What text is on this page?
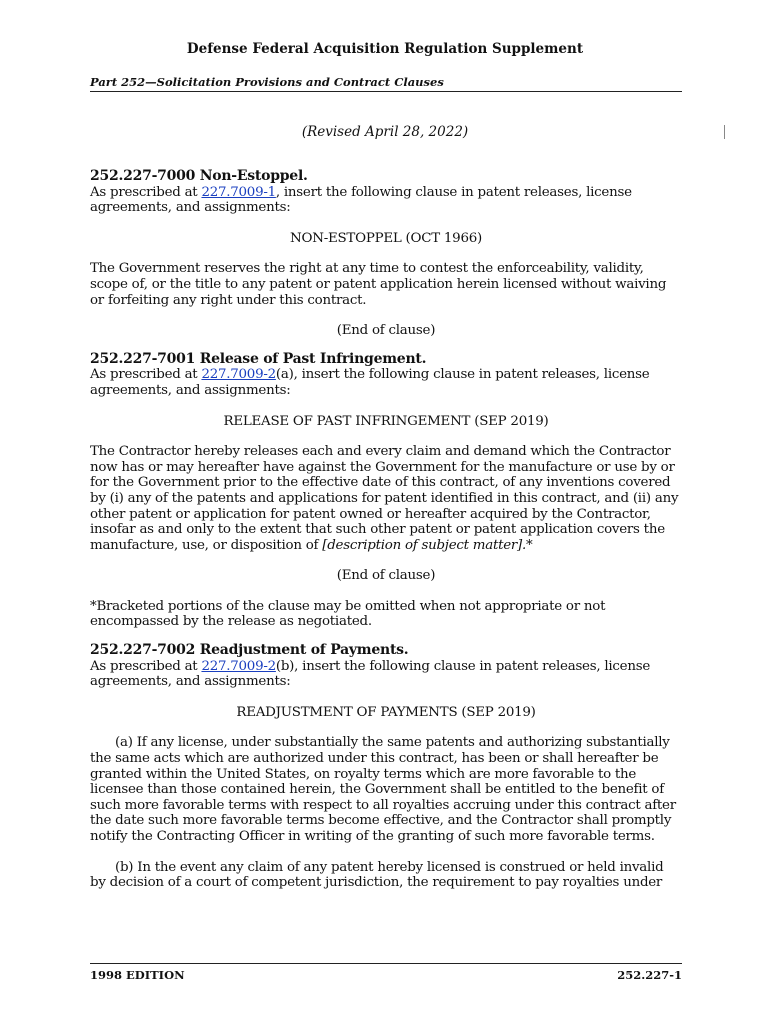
Defense Federal Acquisition Regulation Supplement
Part 252—Solicitation Provisions and Contract Clauses
(Revised April 28, 2022)

252.227-7000 Non-Estoppel.

As prescribed at 227.7009-1, insert the following clause in patent releases, license agreements, and assignments:

NON-ESTOPPEL (OCT 1966)

The Government reserves the right at any time to contest the enforceability, validity, scope of, or the title to any patent or patent application herein licensed without waiving or forfeiting any right under this contract.

(End of clause)

252.227-7001 Release of Past Infringement.

As prescribed at 227.7009-2(a), insert the following clause in patent releases, license agreements, and assignments:

RELEASE OF PAST INFRINGEMENT (SEP 2019)

The Contractor hereby releases each and every claim and demand which the Contractor now has or may hereafter have against the Government for the manufacture or use by or for the Government prior to the effective date of this contract, of any inventions covered by (i) any of the patents and applications for patent identified in this contract, and (ii) any other patent or application for patent owned or hereafter acquired by the Contractor, insofar as and only to the extent that such other patent or patent application covers the manufacture, use, or disposition of [description of subject matter].*

(End of clause)

*Bracketed portions of the clause may be omitted when not appropriate or not encompassed by the release as negotiated.

252.227-7002 Readjustment of Payments.

As prescribed at 227.7009-2(b), insert the following clause in patent releases, license agreements, and assignments:

READJUSTMENT OF PAYMENTS (SEP 2019)

(a) If any license, under substantially the same patents and authorizing substantially the same acts which are authorized under this contract, has been or shall hereafter be granted within the United States, on royalty terms which are more favorable to the licensee than those contained herein, the Government shall be entitled to the benefit of such more favorable terms with respect to all royalties accruing under this contract after the date such more favorable terms become effective, and the Contractor shall promptly notify the Contracting Officer in writing of the granting of such more favorable terms.

(b) In the event any claim of any patent hereby licensed is construed or held invalid by decision of a court of competent jurisdiction, the requirement to pay royalties under

1998 EDITION	252.227-1
